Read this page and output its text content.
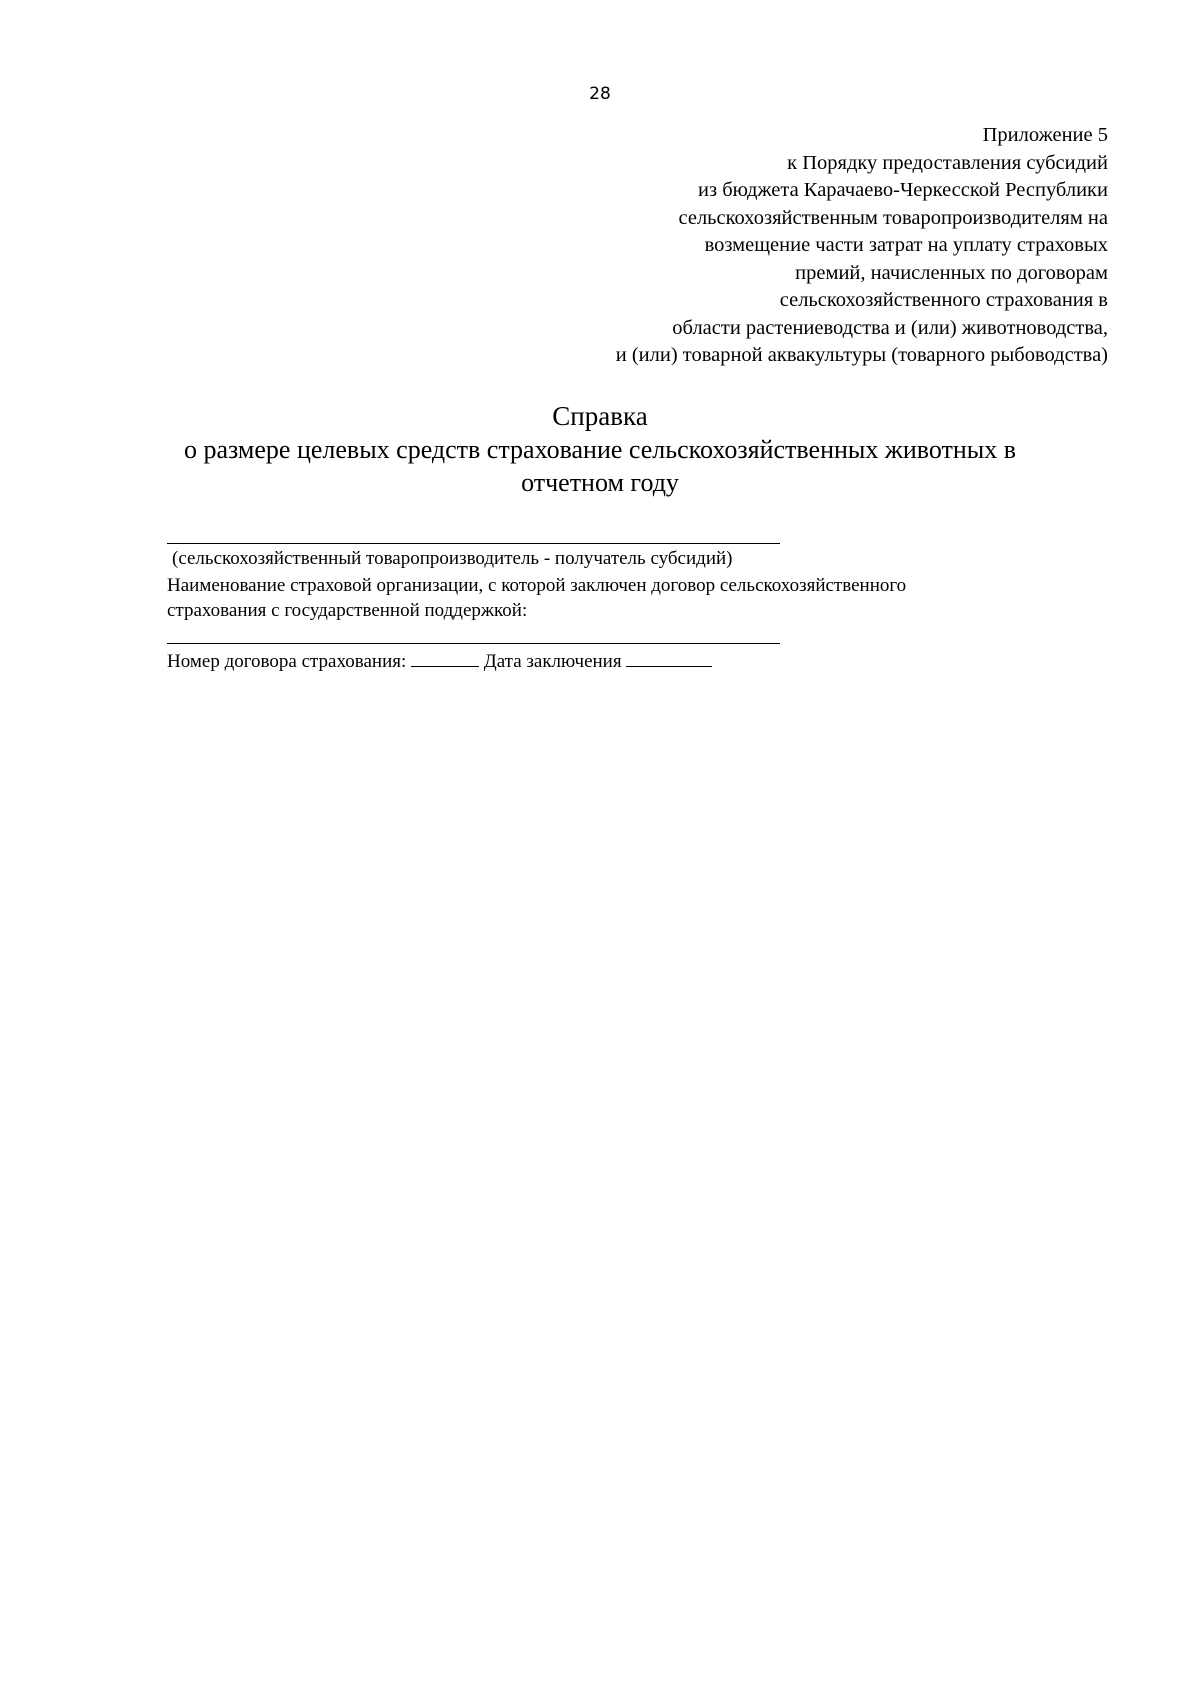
28
Приложение 5
к Порядку предоставления субсидий
из бюджета Карачаево-Черкесской Республики
сельскохозяйственным товаропроизводителям на
возмещение части затрат на уплату страховых
премий, начисленных по договорам
сельскохозяйственного страхования в
области растениеводства и (или) животноводства,
и (или) товарной аквакультуры (товарного рыбоводства)
Справка
о размере целевых средств страхование сельскохозяйственных животных в
отчетном году
(сельскохозяйственный товаропроизводитель - получатель субсидий)
Наименование страховой организации, с которой заключен договор сельскохозяйственного
страхования с государственной поддержкой:
Номер договора страхования:	Дата заключения
